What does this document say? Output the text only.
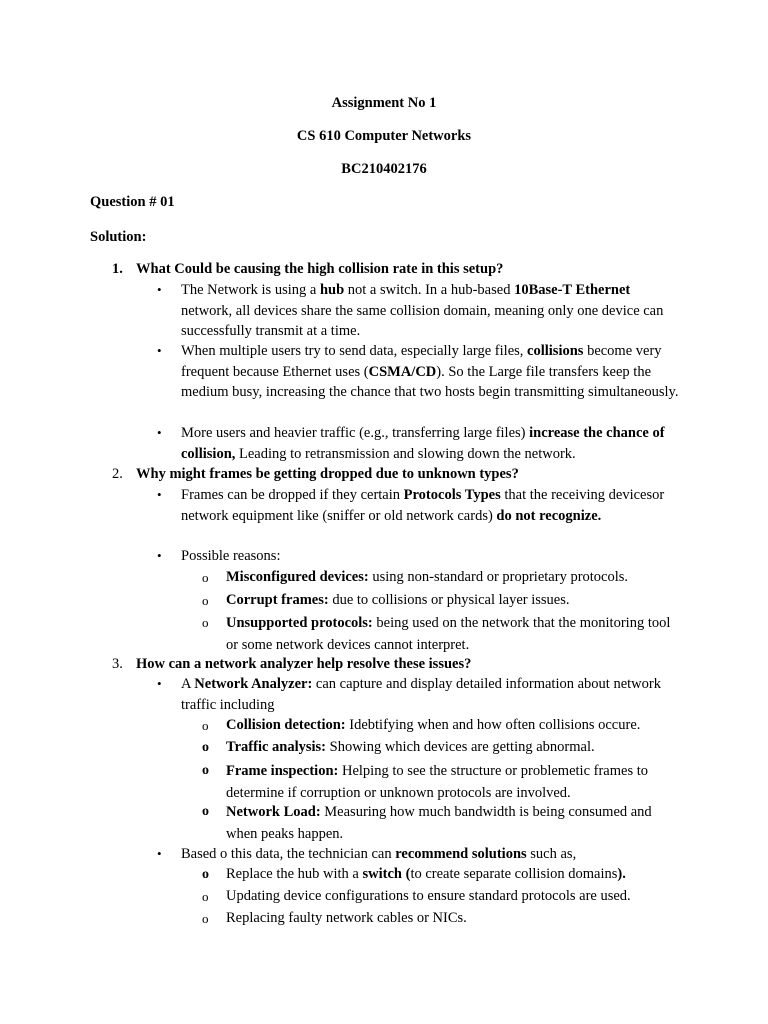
Assignment No 1
CS 610 Computer Networks
BC210402176
Question # 01
Solution:
1. What Could be causing the high collision rate in this setup?
• The Network is using a hub not a switch. In a hub-based 10Base-T Ethernet network, all devices share the same collision domain, meaning only one device can successfully transmit at a time.
• When multiple users try to send data, especially large files, collisions become very frequent because Ethernet uses (CSMA/CD). So the Large file transfers keep the medium busy, increasing the chance that two hosts begin transmitting simultaneously.
• More users and heavier traffic (e.g., transferring large files) increase the chance of collision, Leading to retransmission and slowing down the network.
2. Why might frames be getting dropped due to unknown types?
• Frames can be dropped if they certain Protocols Types that the receiving devicesor network equipment like (sniffer or old network cards) do not recognize.
• Possible reasons:
o Misconfigured devices: using non-standard or proprietary protocols.
o Corrupt frames: due to collisions or physical layer issues.
o Unsupported protocols: being used on the network that the monitoring tool or some network devices cannot interpret.
3. How can a network analyzer help resolve these issues?
• A Network Analyzer: can capture and display detailed information about network traffic including
o Collision detection: Idebtifying when and how often collisions occure.
o Traffic analysis: Showing which devices are getting abnormal.
o Frame inspection: Helping to see the structure or problemetic frames to determine if corruption or unknown protocols are involved.
o Network Load: Measuring how much bandwidth is being consumed and when peaks happen.
• Based o this data, the technician can recommend solutions such as,
o Replace the hub with a switch (to create separate collision domains).
o Updating device configurations to ensure standard protocols are used.
o Replacing faulty network cables or NICs.
